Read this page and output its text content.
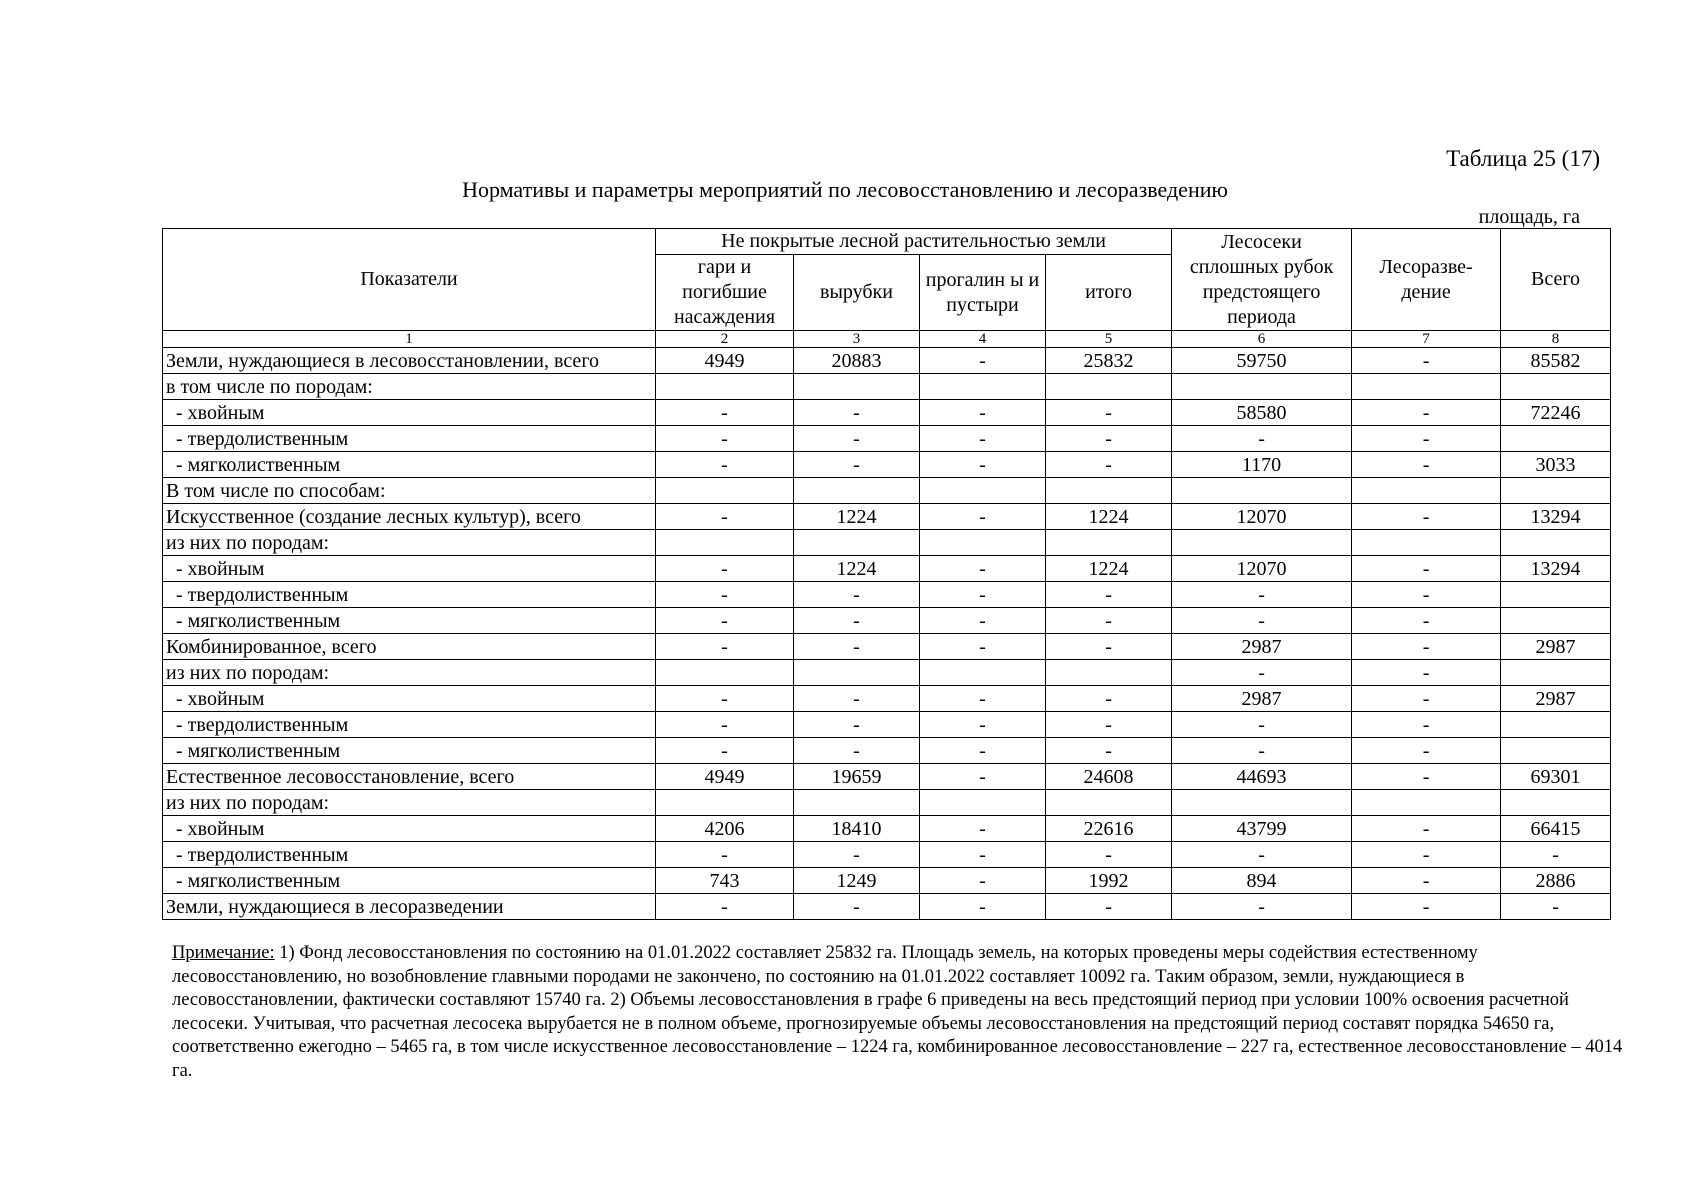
Таблица 25 (17)
Нормативы и параметры мероприятий по лесовосстановлению и лесоразведению
площадь, га
Показатели	Не покрытые лесной растительностью земли				Лесосеки сплошных рубок предстоящего периода	Лесоразве-дение	Всего
	гари и погибшие насаждения	вырубки	прогалин ы и пустыри	итого			
1	2	3	4	5	6	7	8
Земли, нуждающиеся в лесовосстановлении, всего	4949	20883	-	25832	59750	-	85582
в том числе по породам:							
- хвойным	-	-	-	-	58580	-	72246
- твердолиственным	-	-	-	-	-	-	
- мягколиственным	-	-	-	-	1170	-	3033
В том числе по способам:							
Искусственное (создание лесных культур), всего	-	1224	-	1224	12070	-	13294
из них по породам:							
- хвойным	-	1224	-	1224	12070	-	13294
- твердолиственным	-	-	-	-	-	-	
- мягколиственным	-	-	-	-	-	-	
Комбинированное, всего	-	-	-	-	2987	-	2987
из них по породам:					-	-	
- хвойным	-	-	-	-	2987	-	2987
- твердолиственным	-	-	-	-	-	-	
- мягколиственным	-	-	-	-	-	-	
Естественное лесовосстановление, всего	4949	19659	-	24608	44693	-	69301
из них по породам:							
- хвойным	4206	18410	-	22616	43799	-	66415
- твердолиственным	-	-	-	-	-	-	-
- мягколиственным	743	1249	-	1992	894	-	2886
Земли, нуждающиеся в лесоразведении	-	-	-	-	-	-	-
Примечание: 1) Фонд лесовосстановления по состоянию на 01.01.2022 составляет 25832 га. Площадь земель, на которых проведены меры содействия естественному лесовосстановлению, но возобновление главными породами не закончено, по состоянию на 01.01.2022 составляет 10092 га. Таким образом, земли, нуждающиеся в лесовосстановлении, фактически составляют 15740 га. 2) Объемы лесовосстановления в графе 6 приведены на весь предстоящий период при условии 100% освоения расчетной лесосеки. Учитывая, что расчетная лесосека вырубается не в полном объеме, прогнозируемые объемы лесовосстановления на предстоящий период составят порядка 54650 га, соответственно ежегодно – 5465 га, в том числе искусственное лесовосстановление – 1224 га, комбинированное лесовосстановление – 227 га, естественное лесовосстановление – 4014 га.
